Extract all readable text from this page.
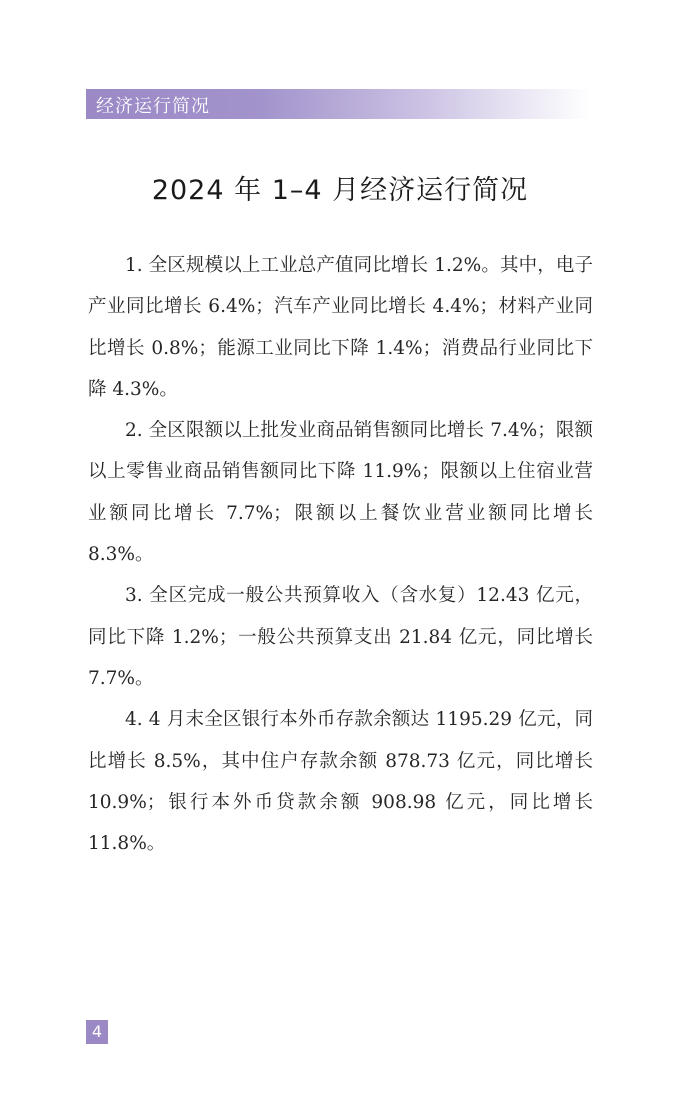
经济运行简况
2024 年 1–4 月经济运行简况

1. 全区规模以上工业总产值同比增长 1.2%。其中，电子产业同比增长 6.4%；汽车产业同比增长 4.4%；材料产业同比增长 0.8%；能源工业同比下降 1.4%；消费品行业同比下降 4.3%。

2. 全区限额以上批发业商品销售额同比增长 7.4%；限额以上零售业商品销售额同比下降 11.9%；限额以上住宿业营业额同比增长 7.7%；限额以上餐饮业营业额同比增长 8.3%。

3. 全区完成一般公共预算收入（含水复）12.43 亿元，同比下降 1.2%；一般公共预算支出 21.84 亿元，同比增长 7.7%。

4. 4 月末全区银行本外币存款余额达 1195.29 亿元，同比增长 8.5%，其中住户存款余额 878.73 亿元，同比增长 10.9%；银行本外币贷款余额 908.98 亿元，同比增长 11.8%。

4
